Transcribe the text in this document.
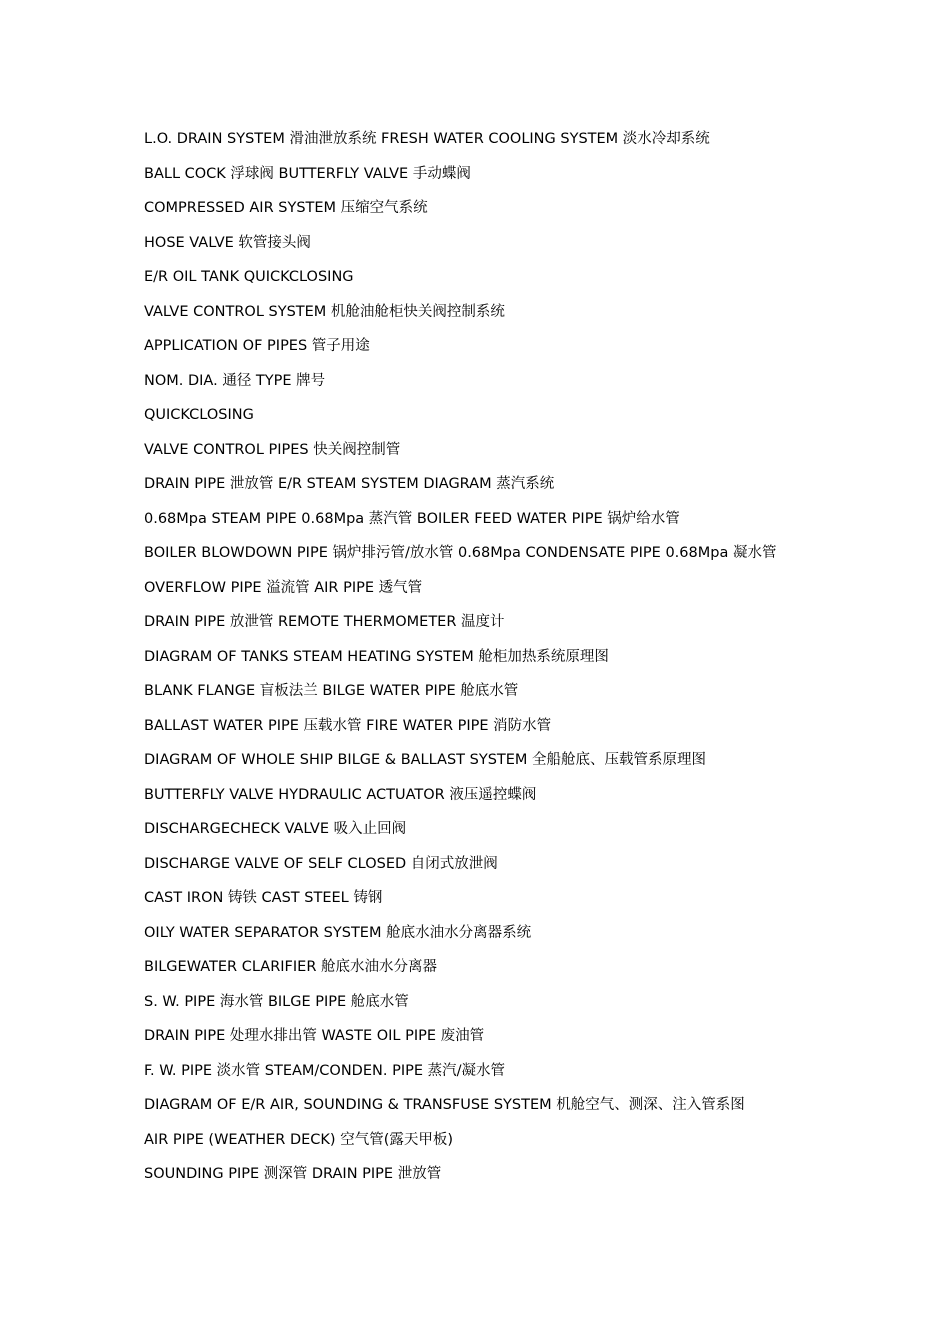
L.O. DRAIN SYSTEM 滑油泄放系统 FRESH WATER COOLING SYSTEM 淡水冷却系统
BALL COCK 浮球阀 BUTTERFLY VALVE 手动蝶阀
COMPRESSED AIR SYSTEM 压缩空气系统
HOSE VALVE 软管接头阀
E/R OIL TANK QUICKCLOSING
VALVE CONTROL SYSTEM 机舱油舱柜快关阀控制系统
APPLICATION OF PIPES 管子用途
NOM. DIA. 通径 TYPE 牌号
QUICKCLOSING
VALVE CONTROL PIPES 快关阀控制管
DRAIN PIPE 泄放管 E/R STEAM SYSTEM DIAGRAM 蒸汽系统
0.68Mpa STEAM PIPE 0.68Mpa 蒸汽管 BOILER FEED WATER PIPE 锅炉给水管
BOILER BLOWDOWN PIPE 锅炉排污管/放水管 0.68Mpa CONDENSATE PIPE 0.68Mpa 凝水管
OVERFLOW PIPE 溢流管 AIR PIPE 透气管
DRAIN PIPE 放泄管 REMOTE THERMOMETER 温度计
DIAGRAM OF TANKS STEAM HEATING SYSTEM 舱柜加热系统原理图
BLANK FLANGE 盲板法兰 BILGE WATER PIPE 舱底水管
BALLAST WATER PIPE 压载水管 FIRE WATER PIPE 消防水管
DIAGRAM OF WHOLE SHIP BILGE & BALLAST SYSTEM 全船舱底、压载管系原理图
BUTTERFLY VALVE HYDRAULIC ACTUATOR 液压遥控蝶阀
DISCHARGECHECK VALVE 吸入止回阀
DISCHARGE VALVE OF SELF CLOSED 自闭式放泄阀
CAST IRON 铸铁 CAST STEEL 铸钢
OILY WATER SEPARATOR SYSTEM 舱底水油水分离器系统
BILGEWATER CLARIFIER 舱底水油水分离器
S. W. PIPE 海水管 BILGE PIPE 舱底水管
DRAIN PIPE 处理水排出管 WASTE OIL PIPE 废油管
F. W. PIPE 淡水管 STEAM/CONDEN. PIPE 蒸汽/凝水管
DIAGRAM OF E/R AIR, SOUNDING & TRANSFUSE SYSTEM 机舱空气、测深、注入管系图
AIR PIPE (WEATHER DECK) 空气管(露天甲板)
SOUNDING PIPE 测深管 DRAIN PIPE 泄放管
